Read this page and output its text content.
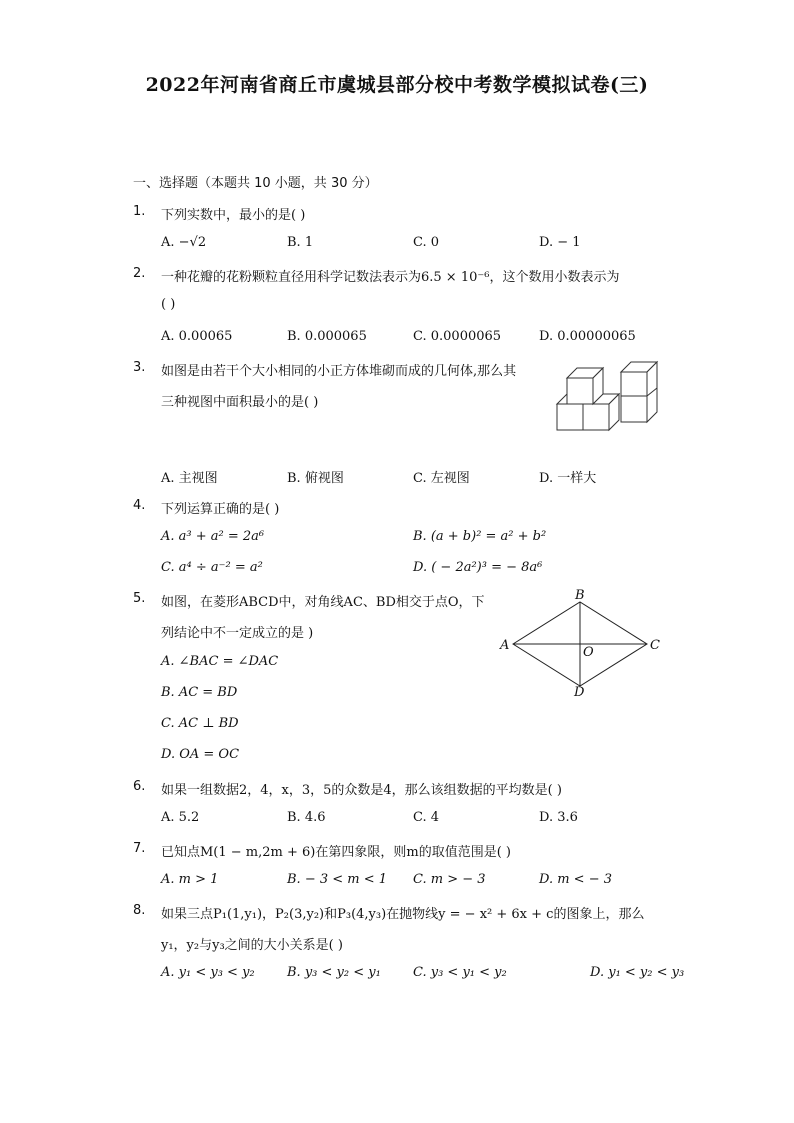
2022年河南省商丘市虞城县部分校中考数学模拟试卷(三)
一、选择题（本题共 10 小题，共 30 分）
1.	下列实数中，最小的是( )
A. −√2	B. 1	C. 0	D. − 1
2.	一种花瓣的花粉颗粒直径用科学记数法表示为6.5 × 10⁻⁶，这个数用小数表示为
( )
A. 0.00065	B. 0.000065	C. 0.0000065	D. 0.00000065
3.	如图是由若干个大小相同的小正方体堆砌而成的几何体,那么其
三种视图中面积最小的是( )
A. 主视图	B. 俯视图	C. 左视图	D. 一样大
4.	下列运算正确的是( )
A. a³ + a² = 2a⁶	B. (a + b)² = a² + b²
C. a⁴ ÷ a⁻² = a²	D. ( − 2a²)³ = − 8a⁶
5.	如图，在菱形ABCD中，对角线AC、BD相交于点O，下
列结论中不一定成立的是 )
A
B
C
D
O
A. ∠BAC = ∠DAC
B. AC = BD
C. AC ⊥ BD
D. OA = OC
6.	如果一组数据2，4，x，3，5的众数是4，那么该组数据的平均数是( )
A. 5.2	B. 4.6	C. 4	D. 3.6
7.	已知点M(1 − m,2m + 6)在第四象限，则m的取值范围是( )
A. m > 1	B. − 3 < m < 1 C. m > − 3	D. m < − 3
8.	如果三点P₁(1,y₁)，P₂(3,y₂)和P₃(4,y₃)在抛物线y = − x² + 6x + c的图象上，那么
y₁，y₂与y₃之间的大小关系是( )
A. y₁ < y₃ < y₂ B. y₃ < y₂ < y₁ C. y₃ < y₁ < y₂	D. y₁ < y₂ < y₃
